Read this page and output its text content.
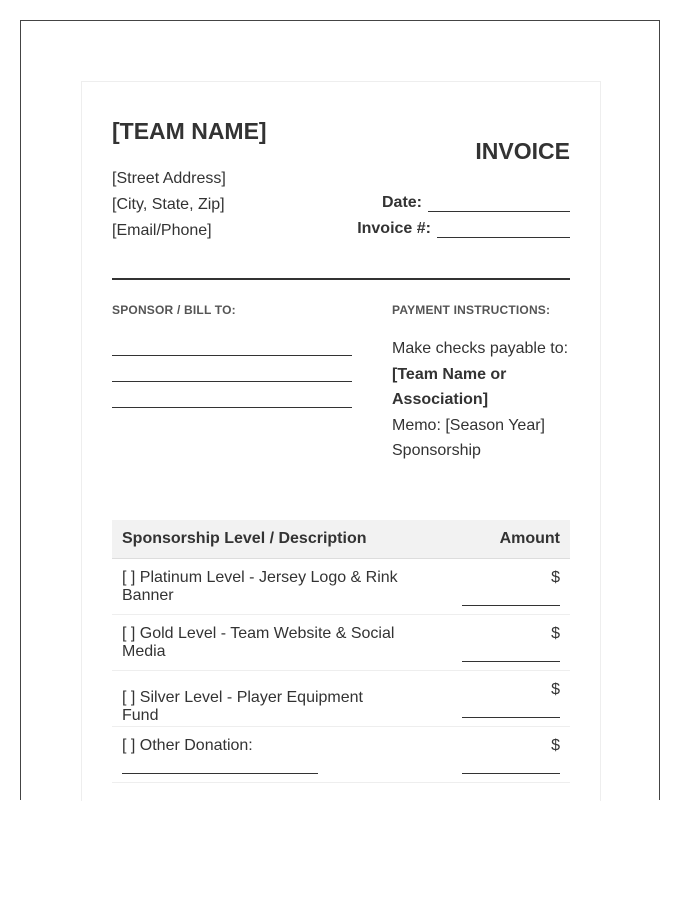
[TEAM NAME]
[Street Address]
[City, State, Zip]
[Email/Phone]
INVOICE
Date:
Invoice #:
SPONSOR / BILL TO:	PAYMENT INSTRUCTIONS:
Make checks payable to:
[Team Name or
Association]
Memo: [Season Year]
Sponsorship
Sponsorship Level / Description	Amount
[ ] Platinum Level - Jersey Logo & Rink Banner	$

[ ] Gold Level - Team Website & Social Media	$

[ ] Silver Level - Player Equipment Fund	$

[ ] Other Donation:	$
